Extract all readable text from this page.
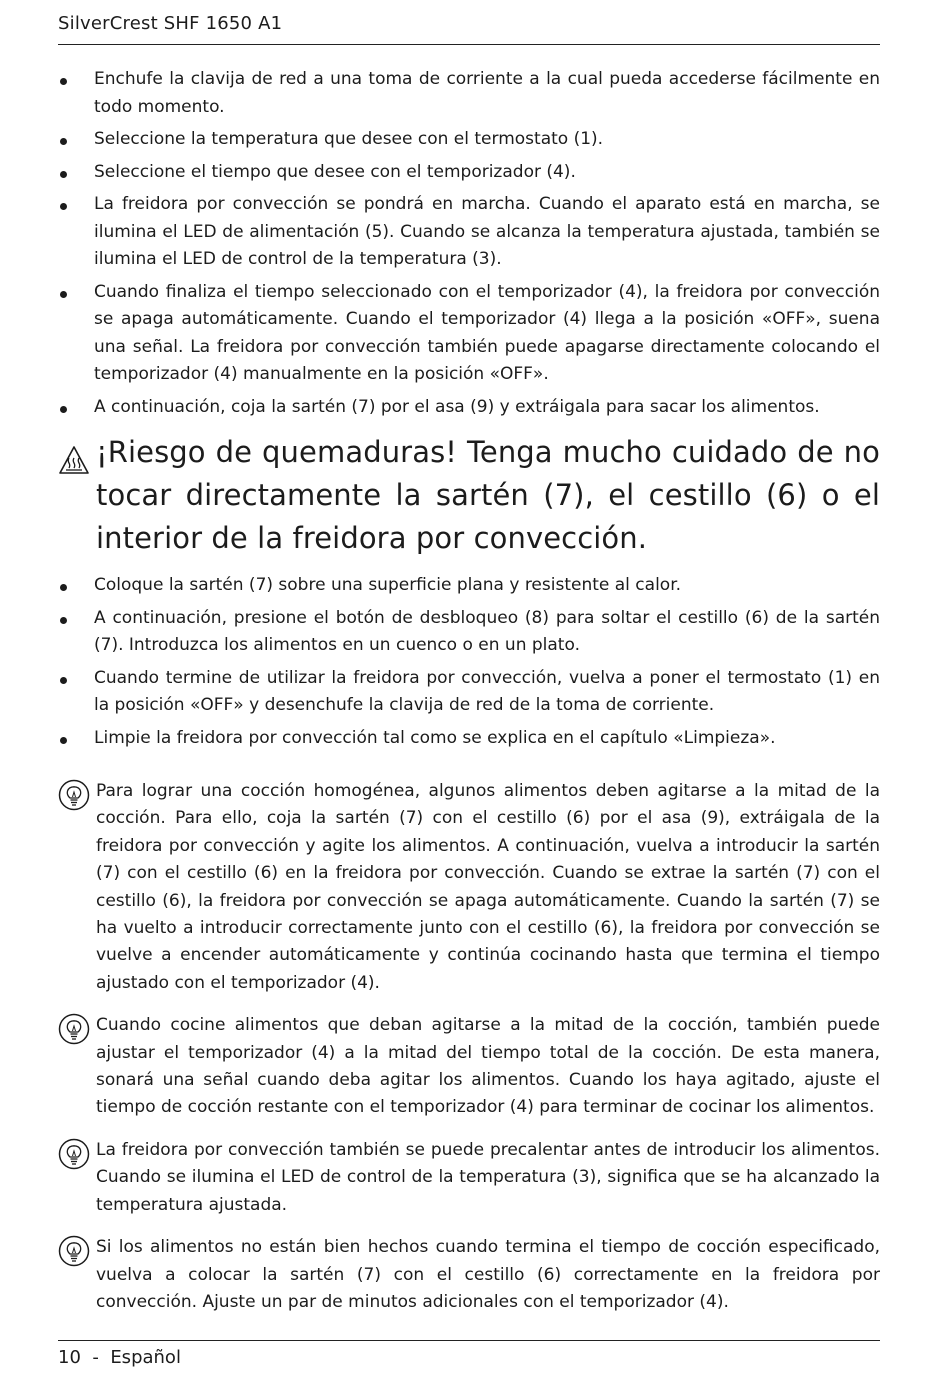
SilverCrest SHF 1650 A1
Enchufe la clavija de red a una toma de corriente a la cual pueda accederse fácilmente en todo momento.
Seleccione la temperatura que desee con el termostato (1).
Seleccione el tiempo que desee con el temporizador (4).
La freidora por convección se pondrá en marcha. Cuando el aparato está en marcha, se ilumina el LED de alimentación (5). Cuando se alcanza la temperatura ajustada, también se ilumina el LED de control de la temperatura (3).
Cuando finaliza el tiempo seleccionado con el temporizador (4), la freidora por convección se apaga automáticamente. Cuando el temporizador (4) llega a la posición «OFF», suena una señal. La freidora por convección también puede apagarse directamente colocando el temporizador (4) manualmente en la posición «OFF».
A continuación, coja la sartén (7) por el asa (9) y extráigala para sacar los alimentos.
¡Riesgo de quemaduras! Tenga mucho cuidado de no tocar directamente la sartén (7), el cestillo (6) o el interior de la freidora por convección.
Coloque la sartén (7) sobre una superficie plana y resistente al calor.
A continuación, presione el botón de desbloqueo (8) para soltar el cestillo (6) de la sartén (7). Introduzca los alimentos en un cuenco o en un plato.
Cuando termine de utilizar la freidora por convección, vuelva a poner el termostato (1) en la posición «OFF» y desenchufe la clavija de red de la toma de corriente.
Limpie la freidora por convección tal como se explica en el capítulo «Limpieza».
Para lograr una cocción homogénea, algunos alimentos deben agitarse a la mitad de la cocción. Para ello, coja la sartén (7) con el cestillo (6) por el asa (9), extráigala de la freidora por convección y agite los alimentos. A continuación, vuelva a introducir la sartén (7) con el cestillo (6) en la freidora por convección. Cuando se extrae la sartén (7) con el cestillo (6), la freidora por convección se apaga automáticamente. Cuando la sartén (7) se ha vuelto a introducir correctamente junto con el cestillo (6), la freidora por convección se vuelve a encender automáticamente y continúa cocinando hasta que termina el tiempo ajustado con el temporizador (4).
Cuando cocine alimentos que deban agitarse a la mitad de la cocción, también puede ajustar el temporizador (4) a la mitad del tiempo total de la cocción. De esta manera, sonará una señal cuando deba agitar los alimentos. Cuando los haya agitado, ajuste el tiempo de cocción restante con el temporizador (4) para terminar de cocinar los alimentos.
La freidora por convección también se puede precalentar antes de introducir los alimentos. Cuando se ilumina el LED de control de la temperatura (3), significa que se ha alcanzado la temperatura ajustada.
Si los alimentos no están bien hechos cuando termina el tiempo de cocción especificado, vuelva a colocar la sartén (7) con el cestillo (6) correctamente en la freidora por convección. Ajuste un par de minutos adicionales con el temporizador (4).
10 - Español
